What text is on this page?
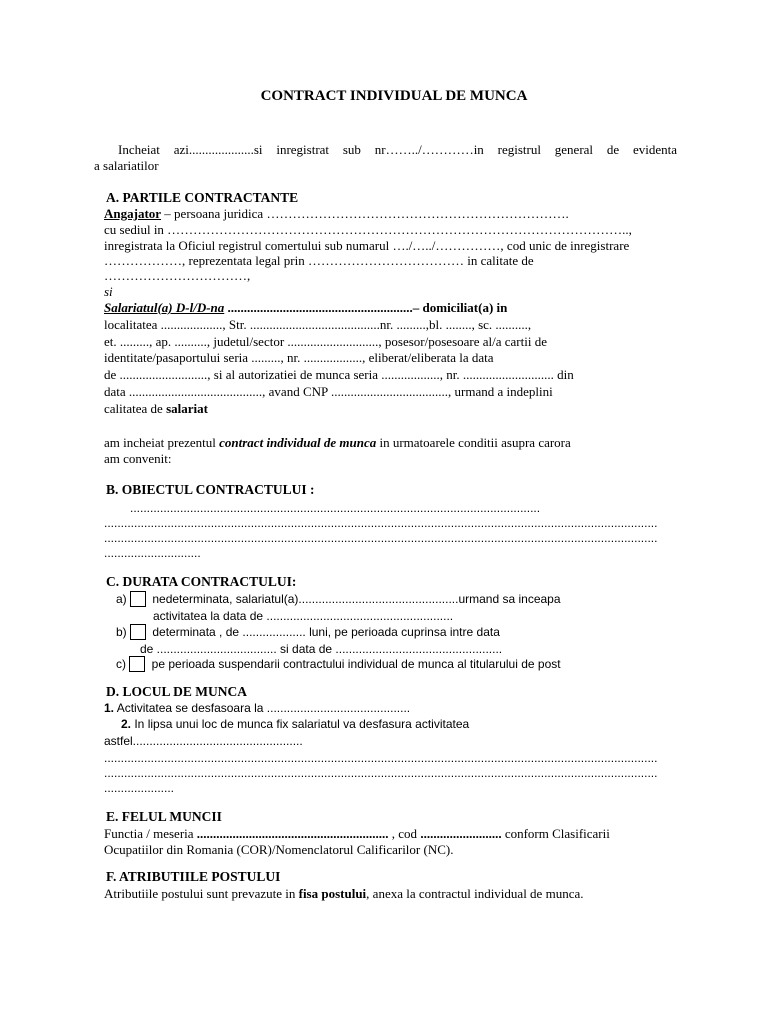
CONTRACT INDIVIDUAL DE MUNCA
Incheiat azi....................si inregistrat sub nr……../…………in registrul general de evidenta
a salariatilor
A. PARTILE CONTRACTANTE
Angajator – persoana juridica …………………………………………………………….
cu sediul in ……………………………………………………………………………………………..,
inregistrata la Oficiul registrul comertului sub numarul …./…../……………, cod unic de inregistrare
………………, reprezentata legal prin ……………………………… in calitate de
……………………………,
si
Salariatul(a) D-l/D-na .........................................................– domiciliat(a) in
localitatea ..................., Str. ........................................nr. .........,bl. ........, sc. ..........,
et. ........., ap. .........., judetul/sector ............................, posesor/posesoare al/a cartii de
identitate/pasaportului seria ........., nr. .................., eliberat/eliberata la data
de ..........................., si al autorizatiei de munca seria .................., nr. ............................ din
data ........................................., avand CNP ...................................., urmand a indeplini
calitatea de salariat
am incheiat prezentul contract individual de munca in urmatoarele conditii asupra carora
am convenit:
B. OBIECTUL CONTRACTULUI :
...........................................................................................................................
......................................................................................................................................................................
......................................................................................................................................................................
.............................
C. DURATA CONTRACTULUI:
a)  nedeterminata, salariatul(a)................................................urmand sa inceapa
activitatea la data de ........................................................
b)  determinata , de ................... luni, pe perioada cuprinsa intre data
de .................................... si data de ..................................................
c)  pe perioada suspendarii contractului individual de munca al titularului de post
D. LOCUL DE MUNCA
1. Activitatea se desfasoara la ...........................................
2. In lipsa unui loc de munca fix salariatul va desfasura activitatea
astfel...................................................
......................................................................................................................................................................
......................................................................................................................................................................
.....................
E. FELUL MUNCII
Functia / meseria ........................................................... , cod ......................... conform Clasificarii
Ocupatiilor din Romania (COR)/Nomenclatorul Calificarilor (NC).
F. ATRIBUTIILE POSTULUI
Atributiile postului sunt prevazute in fisa postului, anexa la contractul individual de munca.
